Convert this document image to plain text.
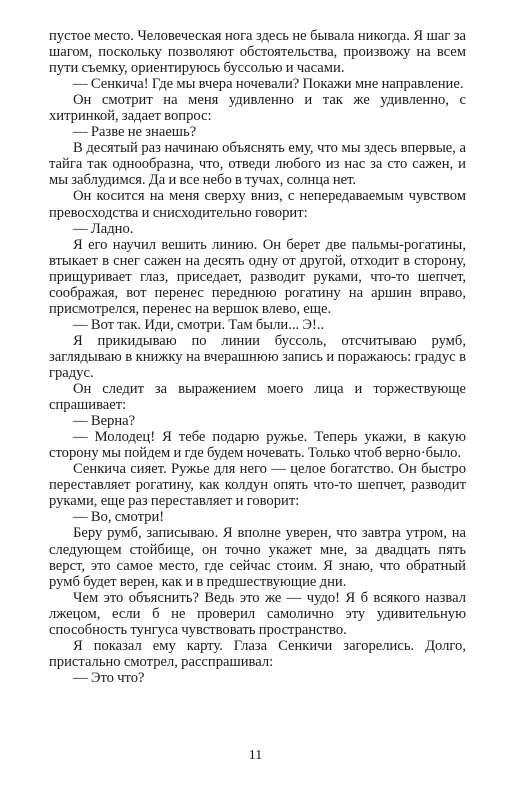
пустое место. Человеческая нога здесь не бывала никогда. Я шаг за шагом, поскольку позволяют обстоятельства, произвожу на всем пути съемку, ориентируюсь буссолью и часами.

— Сенкича! Где мы вчера ночевали? Покажи мне направление.

Он смотрит на меня удивленно и так же удивленно, с хитринкой, задает вопрос:

— Разве не знаешь?

В десятый раз начинаю объяснять ему, что мы здесь впервые, а тайга так однообразна, что, отведи любого из нас за сто сажен, и мы заблудимся. Да и все небо в тучах, солнца нет.

Он косится на меня сверху вниз, с непередаваемым чувством превосходства и снисходительно говорит:

— Ладно.

Я его научил вешить линию. Он берет две пальмы-рогатины, втыкает в снег сажен на десять одну от другой, отходит в сторону, прищуривает глаз, приседает, разводит руками, что-то шепчет, соображая, вот перенес переднюю рогатину на аршин вправо, присмотрелся, перенес на вершок влево, еще.

— Вот так. Иди, смотри. Там были... Э!..

Я прикидываю по линии буссоль, отсчитываю румб, заглядываю в книжку на вчерашнюю запись и поражаюсь: градус в градус.

Он следит за выражением моего лица и торжествующе спрашивает:

— Верна?

— Молодец! Я тебе подарю ружье. Теперь укажи, в какую сторону мы пойдем и где будем ночевать. Только чтоб верно·было.

Сенкича сияет. Ружье для него — целое богатство. Он быстро переставляет рогатину, как колдун опять что-то шепчет, разводит руками, еще раз переставляет и говорит:

— Во, смотри!

Беру румб, записываю. Я вполне уверен, что завтра утром, на следующем стойбище, он точно укажет мне, за двадцать пять верст, это самое место, где сейчас стоим. Я знаю, что обратный румб будет верен, как и в предшествующие дни.

Чем это объяснить? Ведь это же — чудо! Я б всякого назвал лжецом, если б не проверил самолично эту удивительную способность тунгуса чувствовать пространство.

Я показал ему карту. Глаза Сенкичи загорелись. Долго, пристально смотрел, расспрашивал:

— Это что?

11
